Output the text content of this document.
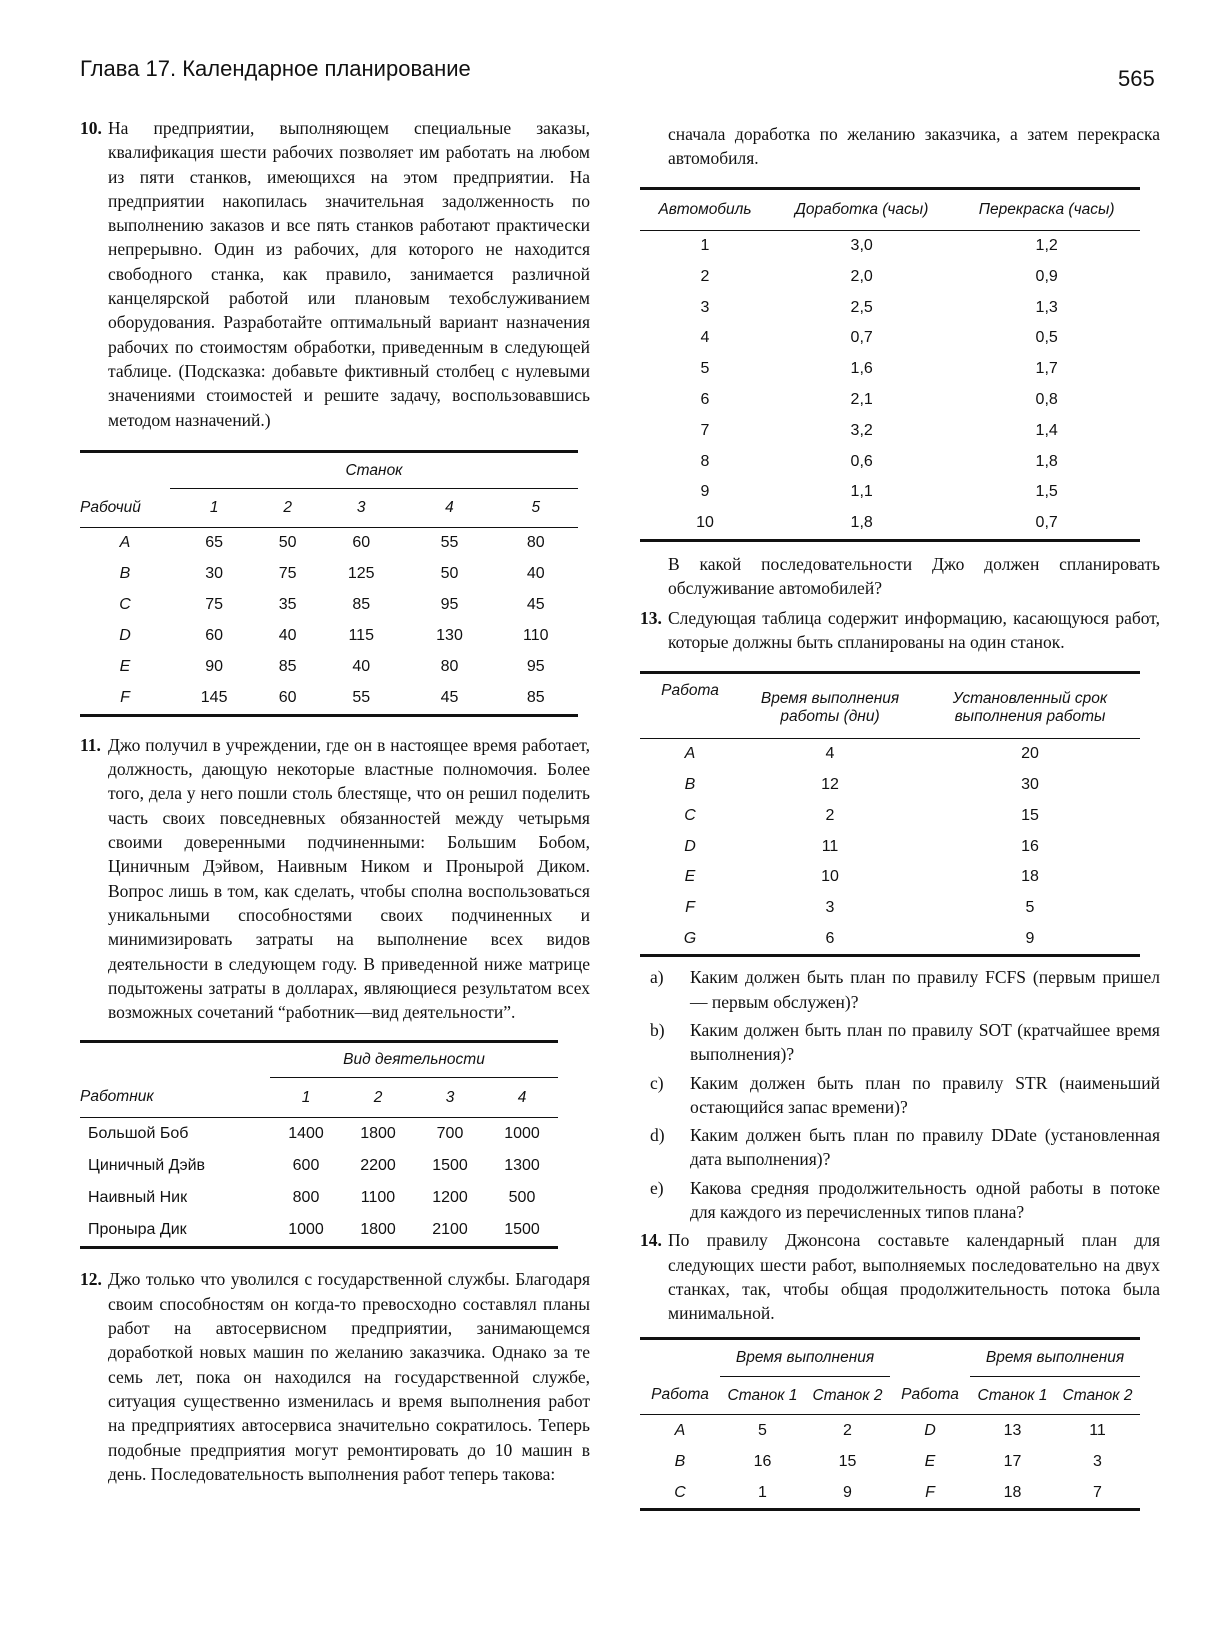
Глава 17. Календарное планирование	565
10. На предприятии, выполняющем специальные заказы, квалификация шести рабочих позволяет им работать на любом из пяти станков, имеющихся на этом предприятии. На предприятии накопилась значительная задолженность по выполнению заказов и все пять станков работают практически непрерывно. Один из рабочих, для которого не находится свободного станка, как правило, занимается различной канцелярской работой или плановым техобслуживанием оборудования. Разработайте оптимальный вариант назначения рабочих по стоимостям обработки, приведенным в следующей таблице. (Подсказка: добавьте фиктивный столбец с нулевыми значениями стоимостей и решите задачу, воспользовавшись методом назначений.)
	Станок				
Рабочий	1	2	3	4	5
A	65	50	60	55	80
B	30	75	125	50	40
C	75	35	85	95	45
D	60	40	115	130	110
E	90	85	40	80	95
F	145	60	55	45	85
11. Джо получил в учреждении, где он в настоящее время работает, должность, дающую некоторые властные полномочия. Более того, дела у него пошли столь блестяще, что он решил поделить часть своих повседневных обязанностей между четырьмя своими доверенными подчиненными: Большим Бобом, Циничным Дэйвом, Наивным Ником и Пронырой Диком. Вопрос лишь в том, как сделать, чтобы сполна воспользоваться уникальными способностями своих подчиненных и минимизировать затраты на выполнение всех видов деятельности в следующем году. В приведенной ниже матрице подытожены затраты в долларах, являющиеся результатом всех возможных сочетаний “работник—вид деятельности”.
	Вид деятельности			
Работник	1	2	3	4
Большой Боб	1400	1800	700	1000
Циничный Дэйв	600	2200	1500	1300
Наивный Ник	800	1100	1200	500
Проныра Дик	1000	1800	2100	1500
12. Джо только что уволился с государственной службы. Благодаря своим способностям он когда-то превосходно составлял планы работ на автосервисном предприятии, занимающемся доработкой новых машин по желанию заказчика. Однако за те семь лет, пока он находился на государственной службе, ситуация существенно изменилась и время выполнения работ на предприятиях автосервиса значительно сократилось. Теперь подобные предприятия могут ремонтировать до 10 машин в день. Последовательность выполнения работ теперь такова:
сначала доработка по желанию заказчика, а затем перекраска автомобиля.
Автомобиль	Доработка (часы)	Перекраска (часы)
1	3,0	1,2
2	2,0	0,9
3	2,5	1,3
4	0,7	0,5
5	1,6	1,7
6	2,1	0,8
7	3,2	1,4
8	0,6	1,8
9	1,1	1,5
10	1,8	0,7
В какой последовательности Джо должен спланировать обслуживание автомобилей?
13. Следующая таблица содержит информацию, касающуюся работ, которые должны быть спланированы на один станок.
Работа	Время выполнения работы (дни)	Установленный срок выполнения работы
A	4	20
B	12	30
C	2	15
D	11	16
E	10	18
F	3	5
G	6	9
a) Каким должен быть план по правилу FCFS (первым пришел — первым обслужен)?
b) Каким должен быть план по правилу SOT (кратчайшее время выполнения)?
c) Каким должен быть план по правилу STR (наименьший остающийся запас времени)?
d) Каким должен быть план по правилу DDate (установленная дата выполнения)?
e) Какова средняя продолжительность одной работы в потоке для каждого из перечисленных типов плана?
14. По правилу Джонсона составьте календарный план для следующих шести работ, выполняемых последовательно на двух станках, так, чтобы общая продолжительность потока была минимальной.
	Время выполнения			Время выполнения	
Работа	Станок 1	Станок 2	Работа	Станок 1	Станок 2
A	5	2	D	13	11
B	16	15	E	17	3
C	1	9	F	18	7
